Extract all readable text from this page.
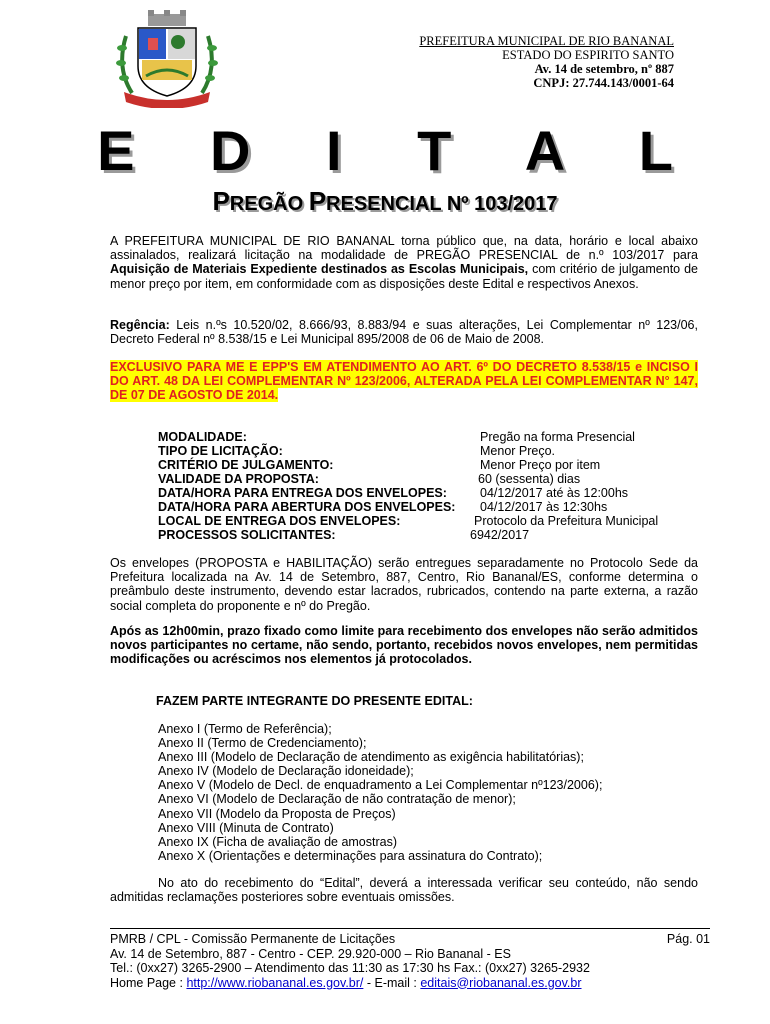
PREFEITURA MUNICIPAL DE RIO BANANAL
ESTADO DO ESPIRITO SANTO
Av. 14 de setembro, nº 887
CNPJ: 27.744.143/0001-64
E D I T A L
PREGÃO PRESENCIAL Nº 103/2017
A PREFEITURA MUNICIPAL DE RIO BANANAL torna público que, na data, horário e local abaixo assinalados, realizará licitação na modalidade de PREGÃO PRESENCIAL de n.º 103/2017 para Aquisição de Materiais Expediente destinados as Escolas Municipais, com critério de julgamento de menor preço por item, em conformidade com as disposições deste Edital e respectivos Anexos.
Regência: Leis n.ºs 10.520/02, 8.666/93, 8.883/94 e suas alterações, Lei Complementar nº 123/06, Decreto Federal nº 8.538/15 e Lei Municipal 895/2008 de 06 de Maio de 2008.
EXCLUSIVO PARA ME E EPP'S EM ATENDIMENTO AO ART. 6º DO DECRETO 8.538/15 e INCISO I DO ART. 48 DA LEI COMPLEMENTAR Nº 123/2006, ALTERADA PELA LEI COMPLEMENTAR N° 147, DE 07 DE AGOSTO DE 2014.
MODALIDADE:	Pregão na forma Presencial
TIPO DE LICITAÇÃO:	Menor Preço.
CRITÉRIO DE JULGAMENTO:	Menor Preço por item
VALIDADE DA PROPOSTA:	60 (sessenta) dias
DATA/HORA PARA ENTREGA DOS ENVELOPES:	04/12/2017 até às 12:00hs
DATA/HORA PARA ABERTURA DOS ENVELOPES: 04/12/2017 às 12:30hs
LOCAL DE ENTREGA DOS ENVELOPES:	Protocolo da Prefeitura Municipal
PROCESSOS SOLICITANTES:	6942/2017
Os envelopes (PROPOSTA e HABILITAÇÃO) serão entregues separadamente no Protocolo Sede da Prefeitura localizada na Av. 14 de Setembro, 887, Centro, Rio Bananal/ES, conforme determina o preâmbulo deste instrumento, devendo estar lacrados, rubricados, contendo na parte externa, a razão social completa do proponente e nº do Pregão.
Após as 12h00min, prazo fixado como limite para recebimento dos envelopes não serão admitidos novos participantes no certame, não sendo, portanto, recebidos novos envelopes, nem permitidas modificações ou acréscimos nos elementos já protocolados.
FAZEM PARTE INTEGRANTE DO PRESENTE EDITAL:
Anexo I (Termo de Referência);
Anexo II (Termo de Credenciamento);
Anexo III (Modelo de Declaração de atendimento as exigência habilitatórias);
Anexo IV (Modelo de Declaração idoneidade);
Anexo V (Modelo de Decl. de enquadramento a Lei Complementar nº123/2006);
Anexo VI (Modelo de Declaração de não contratação de menor);
Anexo VII (Modelo da Proposta de Preços)
Anexo VIII (Minuta de Contrato)
Anexo IX (Ficha de avaliação de amostras)
Anexo X (Orientações e determinações para assinatura do Contrato);
No ato do recebimento do “Edital”, deverá a interessada verificar seu conteúdo, não sendo admitidas reclamações posteriores sobre eventuais omissões.
PMRB / CPL - Comissão Permanente de Licitações	Pág. 01
Av. 14 de Setembro, 887 - Centro - CEP. 29.920-000 – Rio Bananal - ES
Tel.: (0xx27) 3265-2900 – Atendimento das 11:30 as 17:30 hs Fax.: (0xx27) 3265-2932
Home Page : http://www.riobananal.es.gov.br/ - E-mail : editais@riobananal.es.gov.br
